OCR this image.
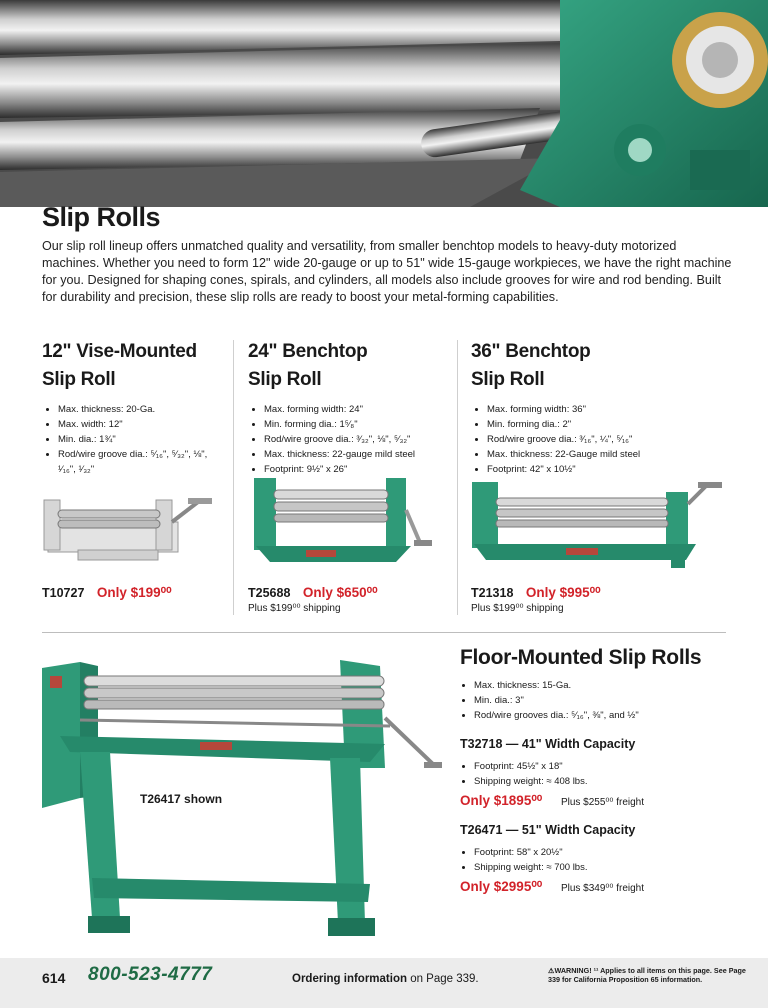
Slip Rolls

Our slip roll lineup offers unmatched quality and versatility, from smaller benchtop models to heavy-duty motorized machines. Whether you need to form 12" wide 20-gauge or up to 51" wide 15-gauge workpieces, we have the right machine for you. Designed for shaping cones, spirals, and cylinders, all models also include grooves for wire and rod bending. Built for durability and precision, these slip rolls are ready to boost your metal-forming capabilities.

12" Vise-Mounted
Slip Roll
• Max. thickness: 20-Ga.
• Max. width: 12"
• Min. dia.: 1¾"
• Rod/wire groove dia.: ⁵⁄₁₆", ⁵⁄₃₂", ⅛", ¹⁄₁₆", ¹⁄₃₂"
T10727 Only $199⁰⁰
24" Benchtop
Slip Roll
• Max. forming width: 24"
• Min. forming dia.: 1⁵⁄₈"
• Rod/wire groove dia.: ³⁄₃₂", ⅛", ⁵⁄₃₂"
• Max. thickness: 22-gauge mild steel
• Footprint: 9½" x 26"
T25688 Only $650⁰⁰
Plus $199⁰⁰ shipping
36" Benchtop
Slip Roll
• Max. forming width: 36"
• Min. forming dia.: 2"
• Rod/wire groove dia.: ³⁄₁₆", ¼", ⁵⁄₁₆"
• Max. thickness: 22-Gauge mild steel
• Footprint: 42" x 10½"
T21318 Only $995⁰⁰
Plus $199⁰⁰ shipping
T26417 shown
Floor-Mounted Slip Rolls
• Max. thickness: 15-Ga.
• Min. dia.: 3"
• Rod/wire grooves dia.: ⁵⁄₁₆", ⅜", and ½"
T32718 — 41" Width Capacity
• Footprint: 45½" x 18"
• Shipping weight: ≈ 408 lbs.
Only $1895⁰⁰ Plus $255⁰⁰ freight
T26471 — 51" Width Capacity
• Footprint: 58" x 20½"
• Shipping weight: ≈ 700 lbs.
Only $2995⁰⁰ Plus $349⁰⁰ freight
614 800-523-4777	Ordering information on Page 339.
⚠WARNING! ¹¹ Applies to all items on this page. See Page 339 for California Proposition 65 information.
